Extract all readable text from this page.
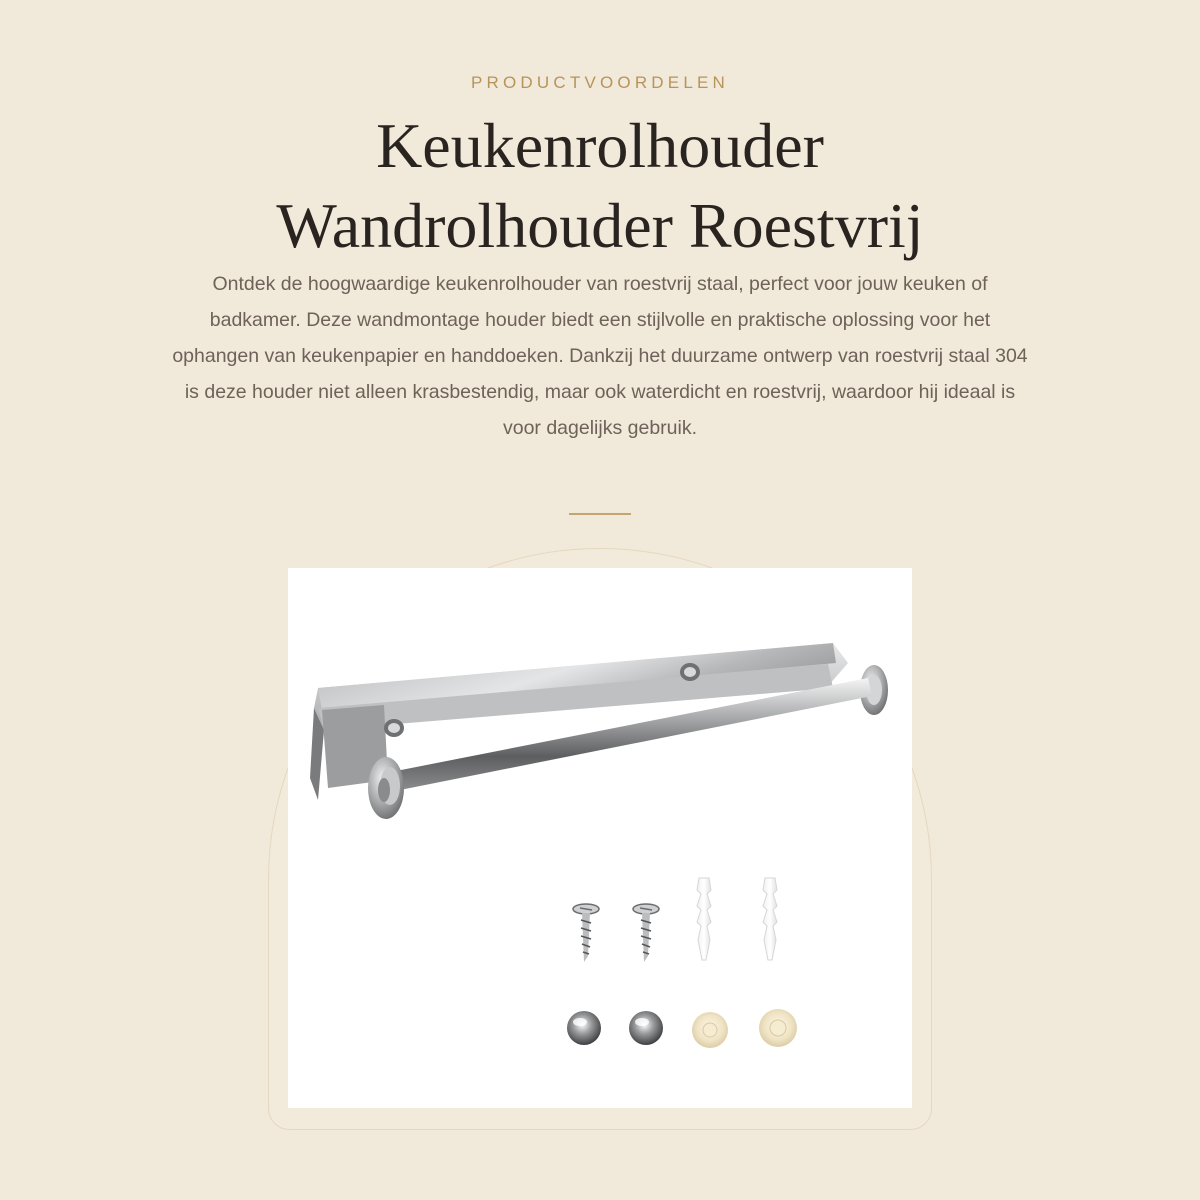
PRODUCTVOORDELEN
Keukenrolhouder
Wandrolhouder Roestvrij

Ontdek de hoogwaardige keukenrolhouder van roestvrij staal, perfect voor jouw keuken of badkamer. Deze wandmontage houder biedt een stijlvolle en praktische oplossing voor het ophangen van keukenpapier en handdoeken. Dankzij het duurzame ontwerp van roestvrij staal 304 is deze houder niet alleen krasbestendig, maar ook waterdicht en roestvrij, waardoor hij ideaal is voor dagelijks gebruik.
